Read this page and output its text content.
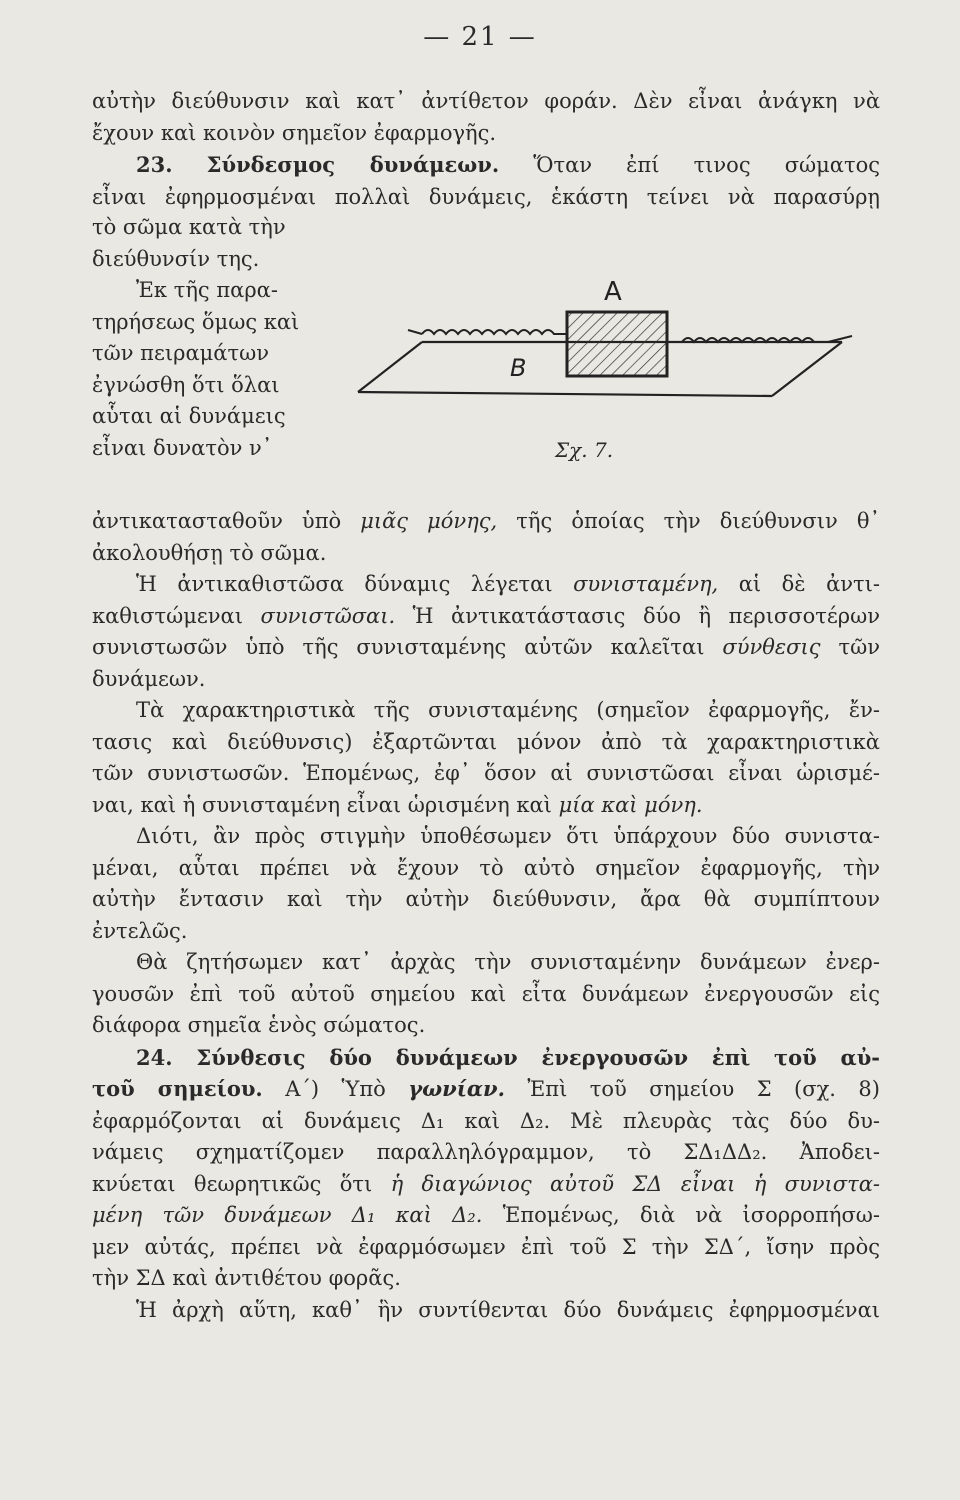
— 21 —
αὐτὴν διεύθυνσιν καὶ κατ᾽ ἀντίθετον φοράν. Δὲν εἶναι ἀνάγκη νὰ
ἔχουν καὶ κοινὸν σημεῖον ἐφαρμογῆς.
23. Σύνδεσμος δυνάμεων. Ὅταν ἐπί τινος σώματος
εἶναι ἐφηρμοσμέναι πολλαὶ δυνάμεις, ἑκάστη τείνει νὰ παρασύρῃ
τὸ σῶμα κατὰ τὴν
διεύθυνσίν της.
Ἐκ τῆς παρα-
τηρήσεως ὅμως καὶ
τῶν πειραμάτων
ἐγνώσθη ὅτι ὅλαι
αὗται αἱ δυνάμεις
εἶναι δυνατὸν ν᾽
A
B
Σχ. 7.
ἀντικατασταθοῦν ὑπὸ μιᾶς μόνης, τῆς ὁποίας τὴν διεύθυνσιν θ᾽
ἀκολουθήσῃ τὸ σῶμα.
Ἡ ἀντικαθιστῶσα δύναμις λέγεται συνισταμένη, αἱ δὲ ἀντι-
καθιστώμεναι συνιστῶσαι. Ἡ ἀντικατάστασις δύο ἢ περισσοτέρων
συνιστωσῶν ὑπὸ τῆς συνισταμένης αὐτῶν καλεῖται σύνθεσις τῶν
δυνάμεων.
Τὰ χαρακτηριστικὰ τῆς συνισταμένης (σημεῖον ἐφαρμογῆς, ἔν-
τασις καὶ διεύθυνσις) ἐξαρτῶνται μόνον ἀπὸ τὰ χαρακτηριστικὰ
τῶν συνιστωσῶν. Ἑπομένως, ἐφ᾽ ὅσον αἱ συνιστῶσαι εἶναι ὡρισμέ-
ναι, καὶ ἡ συνισταμένη εἶναι ὡρισμένη καὶ μία καὶ μόνη.
Διότι, ἂν πρὸς στιγμὴν ὑποθέσωμεν ὅτι ὑπάρχουν δύο συνιστα-
μέναι, αὗται πρέπει νὰ ἔχουν τὸ αὐτὸ σημεῖον ἐφαρμογῆς, τὴν
αὐτὴν ἔντασιν καὶ τὴν αὐτὴν διεύθυνσιν, ἄρα θὰ συμπίπτουν
ἐντελῶς.
Θὰ ζητήσωμεν κατ᾽ ἀρχὰς τὴν συνισταμένην δυνάμεων ἐνερ-
γουσῶν ἐπὶ τοῦ αὐτοῦ σημείου καὶ εἶτα δυνάμεων ἐνεργουσῶν εἰς
διάφορα σημεῖα ἑνὸς σώματος.
24. Σύνθεσις δύο δυνάμεων ἐνεργουσῶν ἐπὶ τοῦ αὐ-
τοῦ σημείου. Α΄) Ὑπὸ γωνίαν. Ἐπὶ τοῦ σημείου Σ (σχ. 8)
ἐφαρμόζονται αἱ δυνάμεις Δ₁ καὶ Δ₂. Μὲ πλευρὰς τὰς δύο δυ-
νάμεις σχηματίζομεν παραλληλόγραμμον, τὸ ΣΔ₁ΔΔ₂. Ἀποδει-
κνύεται θεωρητικῶς ὅτι ἡ διαγώνιος αὐτοῦ ΣΔ εἶναι ἡ συνιστα-
μένη τῶν δυνάμεων Δ₁ καὶ Δ₂. Ἑπομένως, διὰ νὰ ἰσορροπήσω-
μεν αὐτάς, πρέπει νὰ ἐφαρμόσωμεν ἐπὶ τοῦ Σ τὴν ΣΔ΄, ἴσην πρὸς
τὴν ΣΔ καὶ ἀντιθέτου φορᾶς.
Ἡ ἀρχὴ αὕτη, καθ᾽ ἣν συντίθενται δύο δυνάμεις ἐφηρμοσμέναι
